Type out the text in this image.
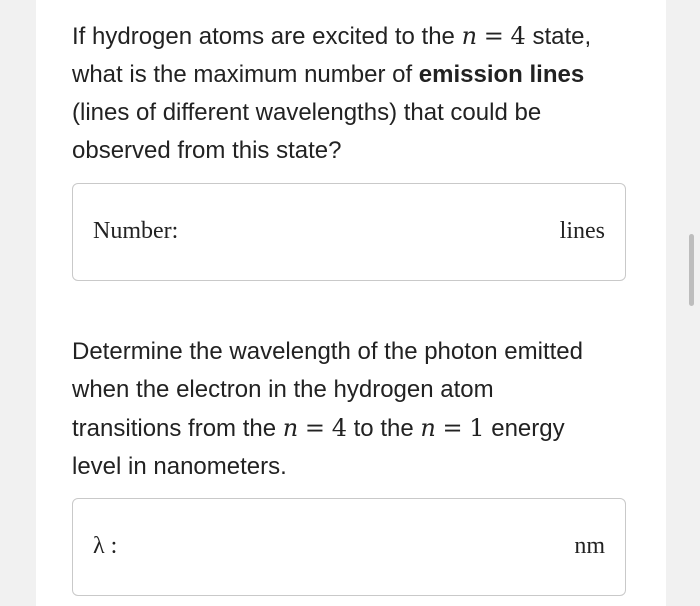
If hydrogen atoms are excited to the n = 4 state,
what is the maximum number of emission lines
(lines of different wavelengths) that could be
observed from this state?

Number:	lines

Determine the wavelength of the photon emitted
when the electron in the hydrogen atom
transitions from the n = 4 to the n = 1 energy
level in nanometers.

λ :	nm
